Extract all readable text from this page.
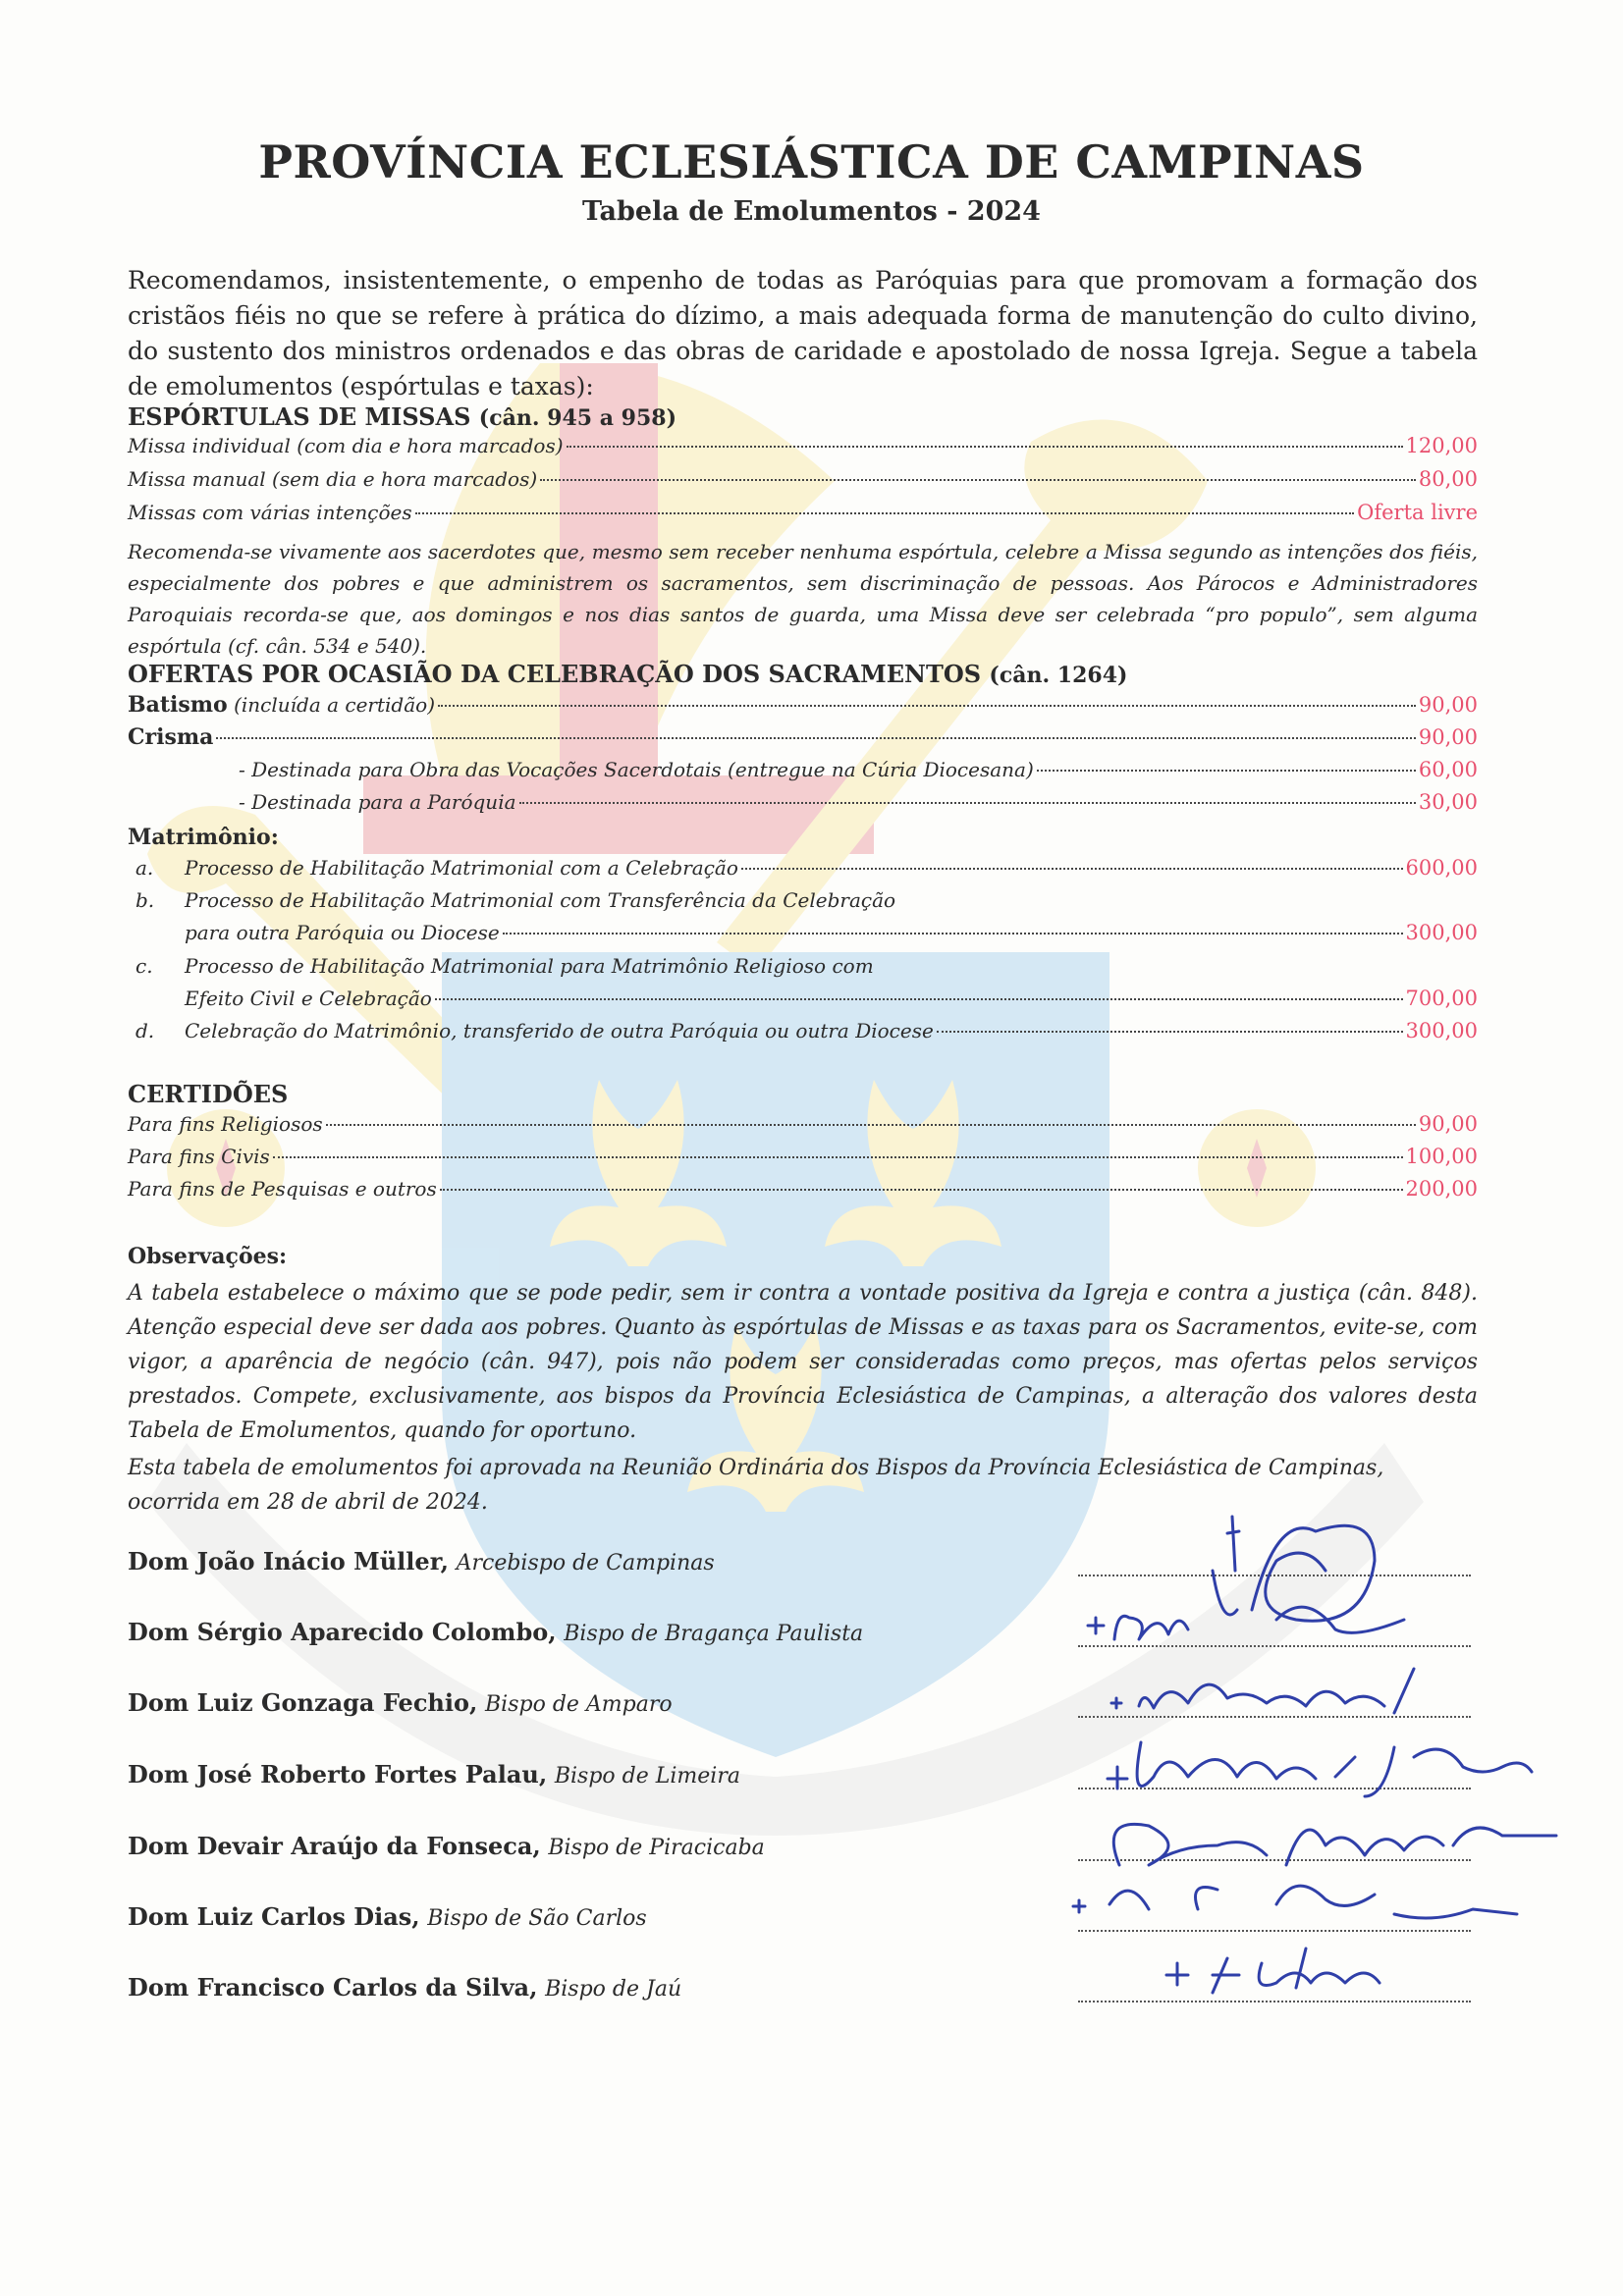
PROVÍNCIA ECLESIÁSTICA DE CAMPINAS
Tabela de Emolumentos - 2024
Recomendamos, insistentemente, o empenho de todas as Paróquias para que promovam a formação dos cristãos fiéis no que se refere à prática do dízimo, a mais adequada forma de manutenção do culto divino, do sustento dos ministros ordenados e das obras de caridade e apostolado de nossa Igreja. Segue a tabela de emolumentos (espórtulas e taxas):
ESPÓRTULAS DE MISSAS (cân. 945 a 958)
Missa individual (com dia e hora marcados)	120,00
Missa manual (sem dia e hora marcados)	80,00
Missas com várias intenções	Oferta livre
Recomenda-se vivamente aos sacerdotes que, mesmo sem receber nenhuma espórtula, celebre a Missa segundo as intenções dos fiéis, especialmente dos pobres e que administrem os sacramentos, sem discriminação de pessoas. Aos Párocos e Administradores Paroquiais recorda-se que, aos domingos e nos dias santos de guarda, uma Missa deve ser celebrada “pro populo”, sem alguma espórtula (cf. cân. 534 e 540).
OFERTAS POR OCASIÃO DA CELEBRAÇÃO DOS SACRAMENTOS (cân. 1264)
Batismo (incluída a certidão)	90,00
Crisma	90,00
- Destinada para Obra das Vocações Sacerdotais (entregue na Cúria Diocesana)	60,00
- Destinada para a Paróquia	30,00
Matrimônio:
a.	Processo de Habilitação Matrimonial com a Celebração	600,00
b.	Processo de Habilitação Matrimonial com Transferência da Celebração
para outra Paróquia ou Diocese	300,00
c.	Processo de Habilitação Matrimonial para Matrimônio Religioso com
Efeito Civil e Celebração	700,00
d.	Celebração do Matrimônio, transferido de outra Paróquia ou outra Diocese	300,00
CERTIDÕES
Para fins Religiosos	90,00
Para fins Civis	100,00
Para fins de Pesquisas e outros	200,00
Observações:
A tabela estabelece o máximo que se pode pedir, sem ir contra a vontade positiva da Igreja e contra a justiça (cân. 848). Atenção especial deve ser dada aos pobres. Quanto às espórtulas de Missas e as taxas para os Sacramentos, evite-se, com vigor, a aparência de negócio (cân. 947), pois não podem ser consideradas como preços, mas ofertas pelos serviços prestados. Compete, exclusivamente, aos bispos da Província Eclesiástica de Campinas, a alteração dos valores desta Tabela de Emolumentos, quando for oportuno.
Esta tabela de emolumentos foi aprovada na Reunião Ordinária dos Bispos da Província Eclesiástica de Campinas, ocorrida em 28 de abril de 2024.
Dom João Inácio Müller, Arcebispo de Campinas
Dom Sérgio Aparecido Colombo, Bispo de Bragança Paulista
Dom Luiz Gonzaga Fechio, Bispo de Amparo
Dom José Roberto Fortes Palau, Bispo de Limeira
Dom Devair Araújo da Fonseca, Bispo de Piracicaba
Dom Luiz Carlos Dias, Bispo de São Carlos
Dom Francisco Carlos da Silva, Bispo de Jaú
